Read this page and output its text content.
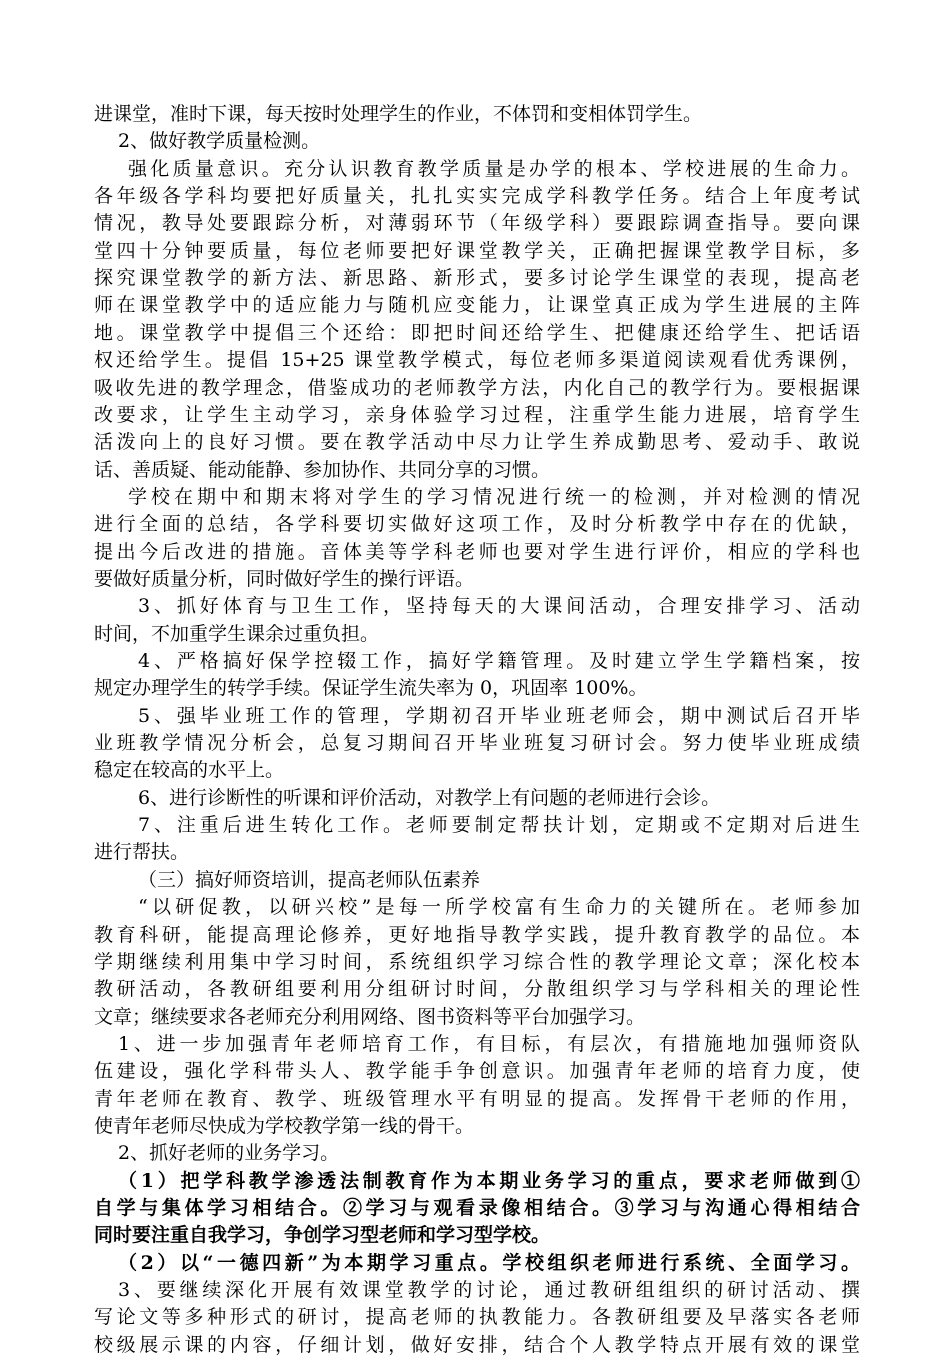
进课堂，准时下课，每天按时处理学生的作业，不体罚和变相体罚学生。
2、做好教学质量检测。
强化质量意识。充分认识教育教学质量是办学的根本、学校进展的生命力。
各年级各学科均要把好质量关，扎扎实实完成学科教学任务。结合上年度考试
情况，教导处要跟踪分析，对薄弱环节（年级学科）要跟踪调查指导。要向课
堂四十分钟要质量，每位老师要把好课堂教学关，正确把握课堂教学目标，多
探究课堂教学的新方法、新思路、新形式，要多讨论学生课堂的表现，提高老
师在课堂教学中的适应能力与随机应变能力，让课堂真正成为学生进展的主阵
地。课堂教学中提倡三个还给：即把时间还给学生、把健康还给学生、把话语
权还给学生。提倡 15+25 课堂教学模式，每位老师多渠道阅读观看优秀课例，
吸收先进的教学理念，借鉴成功的老师教学方法，内化自己的教学行为。要根据课
改要求，让学生主动学习，亲身体验学习过程，注重学生能力进展，培育学生
活泼向上的良好习惯。要在教学活动中尽力让学生养成勤思考、爱动手、敢说
话、善质疑、能动能静、参加协作、共同分享的习惯。
学校在期中和期末将对学生的学习情况进行统一的检测，并对检测的情况
进行全面的总结，各学科要切实做好这项工作，及时分析教学中存在的优缺，
提出今后改进的措施。音体美等学科老师也要对学生进行评价，相应的学科也
要做好质量分析，同时做好学生的操行评语。
3、抓好体育与卫生工作，坚持每天的大课间活动，合理安排学习、活动
时间，不加重学生课余过重负担。
4、严格搞好保学控辍工作，搞好学籍管理。及时建立学生学籍档案，按
规定办理学生的转学手续。保证学生流失率为 0，巩固率 100%。
5、强毕业班工作的管理，学期初召开毕业班老师会，期中测试后召开毕
业班教学情况分析会，总复习期间召开毕业班复习研讨会。努力使毕业班成绩
稳定在较高的水平上。
6、进行诊断性的听课和评价活动，对教学上有问题的老师进行会诊。
7、注重后进生转化工作。老师要制定帮扶计划，定期或不定期对后进生
进行帮扶。
（三）搞好师资培训，提高老师队伍素养
“以研促教，以研兴校”是每一所学校富有生命力的关键所在。老师参加
教育科研，能提高理论修养，更好地指导教学实践，提升教育教学的品位。本
学期继续利用集中学习时间，系统组织学习综合性的教学理论文章；深化校本
教研活动，各教研组要利用分组研讨时间，分散组织学习与学科相关的理论性
文章；继续要求各老师充分利用网络、图书资料等平台加强学习。
1、进一步加强青年老师培育工作，有目标，有层次，有措施地加强师资队
伍建设，强化学科带头人、教学能手争创意识。加强青年老师的培育力度，使
青年老师在教育、教学、班级管理水平有明显的提高。发挥骨干老师的作用，
使青年老师尽快成为学校教学第一线的骨干。
2、抓好老师的业务学习。
（1）把学科教学渗透法制教育作为本期业务学习的重点，要求老师做到①
自学与集体学习相结合。②学习与观看录像相结合。③学习与沟通心得相结合
同时要注重自我学习，争创学习型老师和学习型学校。
（2）以“一德四新”为本期学习重点。学校组织老师进行系统、全面学习。
3、要继续深化开展有效课堂教学的讨论，通过教研组组织的研讨活动、撰
写论文等多种形式的研讨，提高老师的执教能力。各教研组要及早落实各老师
校级展示课的内容，仔细计划，做好安排，结合个人教学特点开展有效的课堂
